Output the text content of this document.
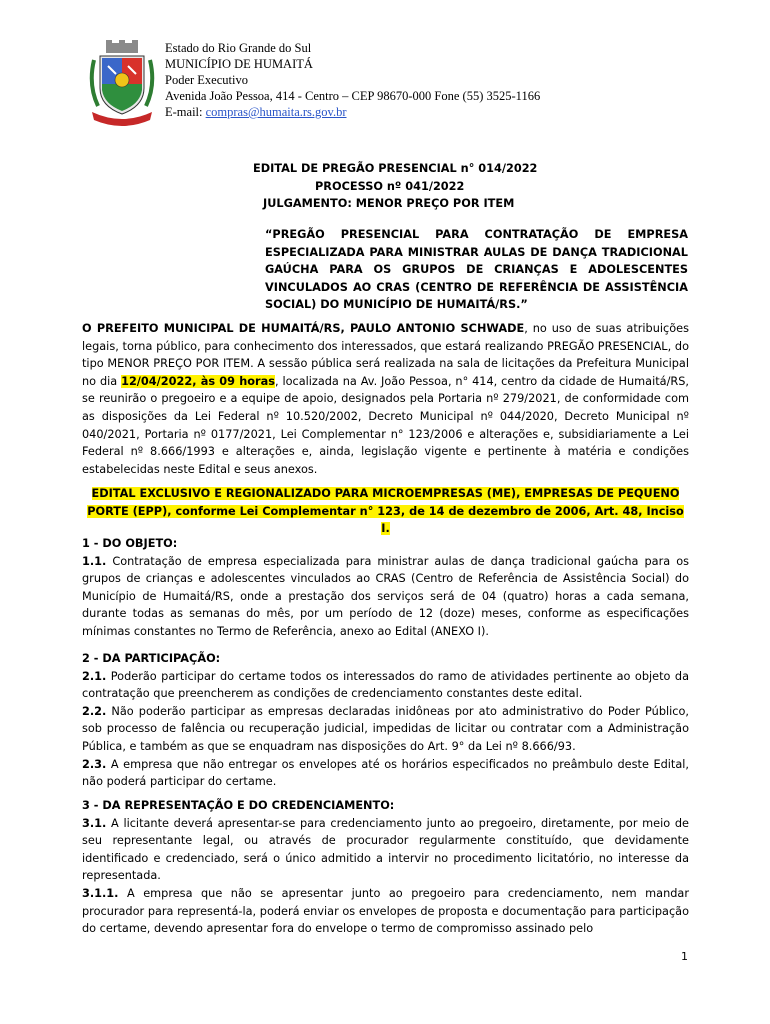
Estado do Rio Grande do Sul
MUNICÍPIO DE HUMAITÁ
Poder Executivo
Avenida João Pessoa, 414 - Centro – CEP 98670-000 Fone (55) 3525-1166
E-mail: compras@humaita.rs.gov.br
EDITAL DE PREGÃO PRESENCIAL n° 014/2022
PROCESSO nº 041/2022
JULGAMENTO: MENOR PREÇO POR ITEM
“PREGÃO PRESENCIAL PARA CONTRATAÇÃO DE EMPRESA ESPECIALIZADA PARA MINISTRAR AULAS DE DANÇA TRADICIONAL GAÚCHA PARA OS GRUPOS DE CRIANÇAS E ADOLESCENTES VINCULADOS AO CRAS (CENTRO DE REFERÊNCIA DE ASSISTÊNCIA SOCIAL) DO MUNICÍPIO DE HUMAITÁ/RS.”
O PREFEITO MUNICIPAL DE HUMAITÁ/RS, PAULO ANTONIO SCHWADE, no uso de suas atribuições legais, torna público, para conhecimento dos interessados, que estará realizando PREGÃO PRESENCIAL, do tipo MENOR PREÇO POR ITEM. A sessão pública será realizada na sala de licitações da Prefeitura Municipal no dia 12/04/2022, às 09 horas, localizada na Av. João Pessoa, n° 414, centro da cidade de Humaitá/RS, se reunirão o pregoeiro e a equipe de apoio, designados pela Portaria nº 279/2021, de conformidade com as disposições da Lei Federal nº 10.520/2002, Decreto Municipal nº 044/2020, Decreto Municipal nº 040/2021, Portaria nº 0177/2021, Lei Complementar n° 123/2006 e alterações e, subsidiariamente a Lei Federal nº 8.666/1993 e alterações e, ainda, legislação vigente e pertinente à matéria e condições estabelecidas neste Edital e seus anexos.
EDITAL EXCLUSIVO E REGIONALIZADO PARA MICROEMPRESAS (ME), EMPRESAS DE PEQUENO
PORTE (EPP), conforme Lei Complementar n° 123, de 14 de dezembro de 2006, Art. 48, Inciso I.
1 - DO OBJETO:
1.1. Contratação de empresa especializada para ministrar aulas de dança tradicional gaúcha para os grupos de crianças e adolescentes vinculados ao CRAS (Centro de Referência de Assistência Social) do Município de Humaitá/RS, onde a prestação dos serviços será de 04 (quatro) horas a cada semana, durante todas as semanas do mês, por um período de 12 (doze) meses, conforme as especificações mínimas constantes no Termo de Referência, anexo ao Edital (ANEXO I).
2 - DA PARTICIPAÇÃO:
2.1. Poderão participar do certame todos os interessados do ramo de atividades pertinente ao objeto da contratação que preencherem as condições de credenciamento constantes deste edital.
2.2. Não poderão participar as empresas declaradas inidôneas por ato administrativo do Poder Público, sob processo de falência ou recuperação judicial, impedidas de licitar ou contratar com a Administração Pública, e também as que se enquadram nas disposições do Art. 9° da Lei nº 8.666/93.
2.3. A empresa que não entregar os envelopes até os horários especificados no preâmbulo deste Edital, não poderá participar do certame.
3 - DA REPRESENTAÇÃO E DO CREDENCIAMENTO:
3.1. A licitante deverá apresentar-se para credenciamento junto ao pregoeiro, diretamente, por meio de seu representante legal, ou através de procurador regularmente constituído, que devidamente identificado e credenciado, será o único admitido a intervir no procedimento licitatório, no interesse da representada.
3.1.1. A empresa que não se apresentar junto ao pregoeiro para credenciamento, nem mandar procurador para representá-la, poderá enviar os envelopes de proposta e documentação para participação do certame, devendo apresentar fora do envelope o termo de compromisso assinado pelo
1
